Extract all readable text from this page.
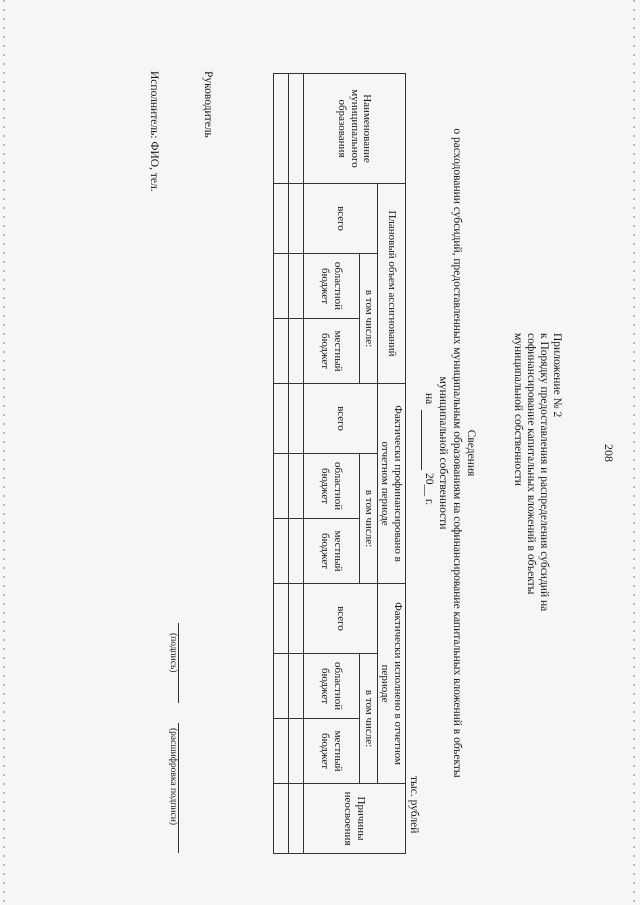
208
Приложение № 2
к Порядку предоставления и распределения субсидий на
софинансирование капитальных вложений в объекты
муниципальной собственности
Сведения
о расходовании субсидий, предоставленных муниципальным образованиям на софинансирование капитальных вложений в объекты
муниципальной собственности
на
20__ г.
тыс. рублей
Наименование муниципального образования	Плановый объем ассигнований			Фактически профинансировано в отчетном периоде			Фактически исполнено в отчетном периоде			Причины неосвоения
	всего	в том числе:		всего	в том числе:		всего	в том числе:		
		областной бюджет	местный бюджет		областной бюджет	местный бюджет		областной бюджет	местный бюджет	

Руководитель
(подпись)
(расшифровка подписи)
Исполнитель: ФИО, тел.
